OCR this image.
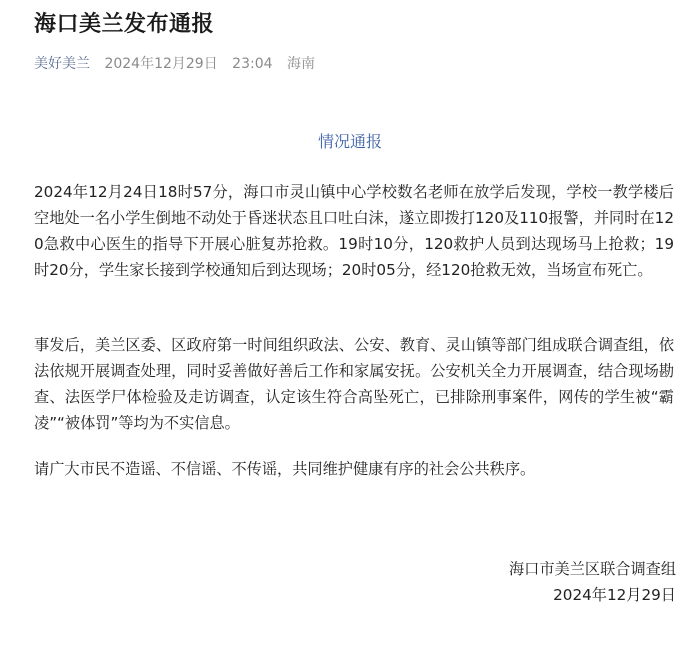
海口美兰发布通报
美好美兰 2024年12月29日 23:04 海南
情况通报

2024年12月24日18时57分，海口市灵山镇中心学校数名老师在放学后发现，学校一教学楼后空地处一名小学生倒地不动处于昏迷状态且口吐白沫，遂立即拨打120及110报警，并同时在120急救中心医生的指导下开展心脏复苏抢救。19时10分，120救护人员到达现场马上抢救；19时20分，学生家长接到学校通知后到达现场；20时05分，经120抢救无效，当场宣布死亡。

事发后，美兰区委、区政府第一时间组织政法、公安、教育、灵山镇等部门组成联合调查组，依法依规开展调查处理，同时妥善做好善后工作和家属安抚。公安机关全力开展调查，结合现场勘查、法医学尸体检验及走访调查，认定该生符合高坠死亡，已排除刑事案件，网传的学生被“霸凌”“被体罚”等均为不实信息。

请广大市民不造谣、不信谣、不传谣，共同维护健康有序的社会公共秩序。

海口市美兰区联合调查组
2024年12月29日
